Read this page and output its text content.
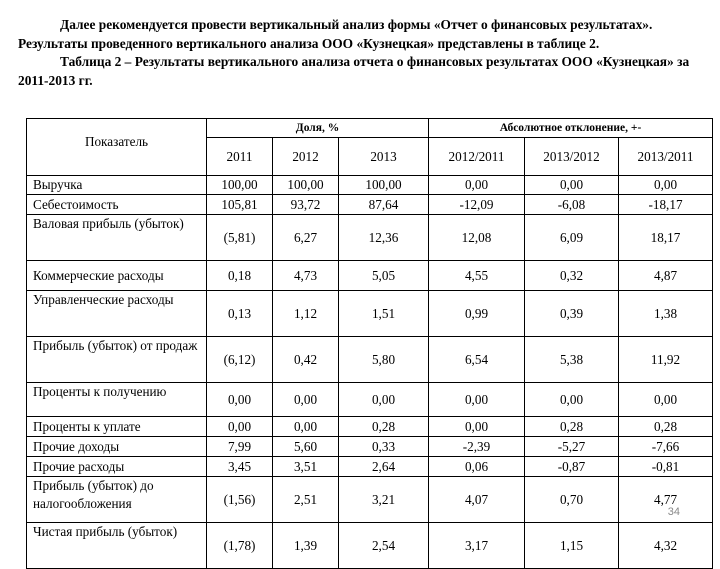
Далее рекомендуется провести вертикальный анализ формы «Отчет о финансовых результатах». Результаты проведенного вертикального анализа ООО «Кузнецкая» представлены в таблице 2.

Таблица 2 – Результаты вертикального анализа отчета о финансовых результатах ООО «Кузнецкая» за 2011-2013 гг.

Показатель	Доля, %			Абсолютное отклонение, +-		
	2011	2012	2013	2012/2011	2013/2012	2013/2011
Выручка	100,00	100,00	100,00	0,00	0,00	0,00
Себестоимость	105,81	93,72	87,64	-12,09	-6,08	-18,17
Валовая прибыль (убыток)	(5,81)	6,27	12,36	12,08	6,09	18,17
Коммерческие расходы	0,18	4,73	5,05	4,55	0,32	4,87
Управленческие расходы	0,13	1,12	1,51	0,99	0,39	1,38
Прибыль (убыток) от продаж	(6,12)	0,42	5,80	6,54	5,38	11,92
Проценты к получению	0,00	0,00	0,00	0,00	0,00	0,00
Проценты к уплате	0,00	0,00	0,28	0,00	0,28	0,28
Прочие доходы	7,99	5,60	0,33	-2,39	-5,27	-7,66
Прочие расходы	3,45	3,51	2,64	0,06	-0,87	-0,81
Прибыль (убыток) до налогообложения	(1,56)	2,51	3,21	4,07	0,70	4,77
Чистая прибыль (убыток)	(1,78)	1,39	2,54	3,17	1,15	4,32
34
